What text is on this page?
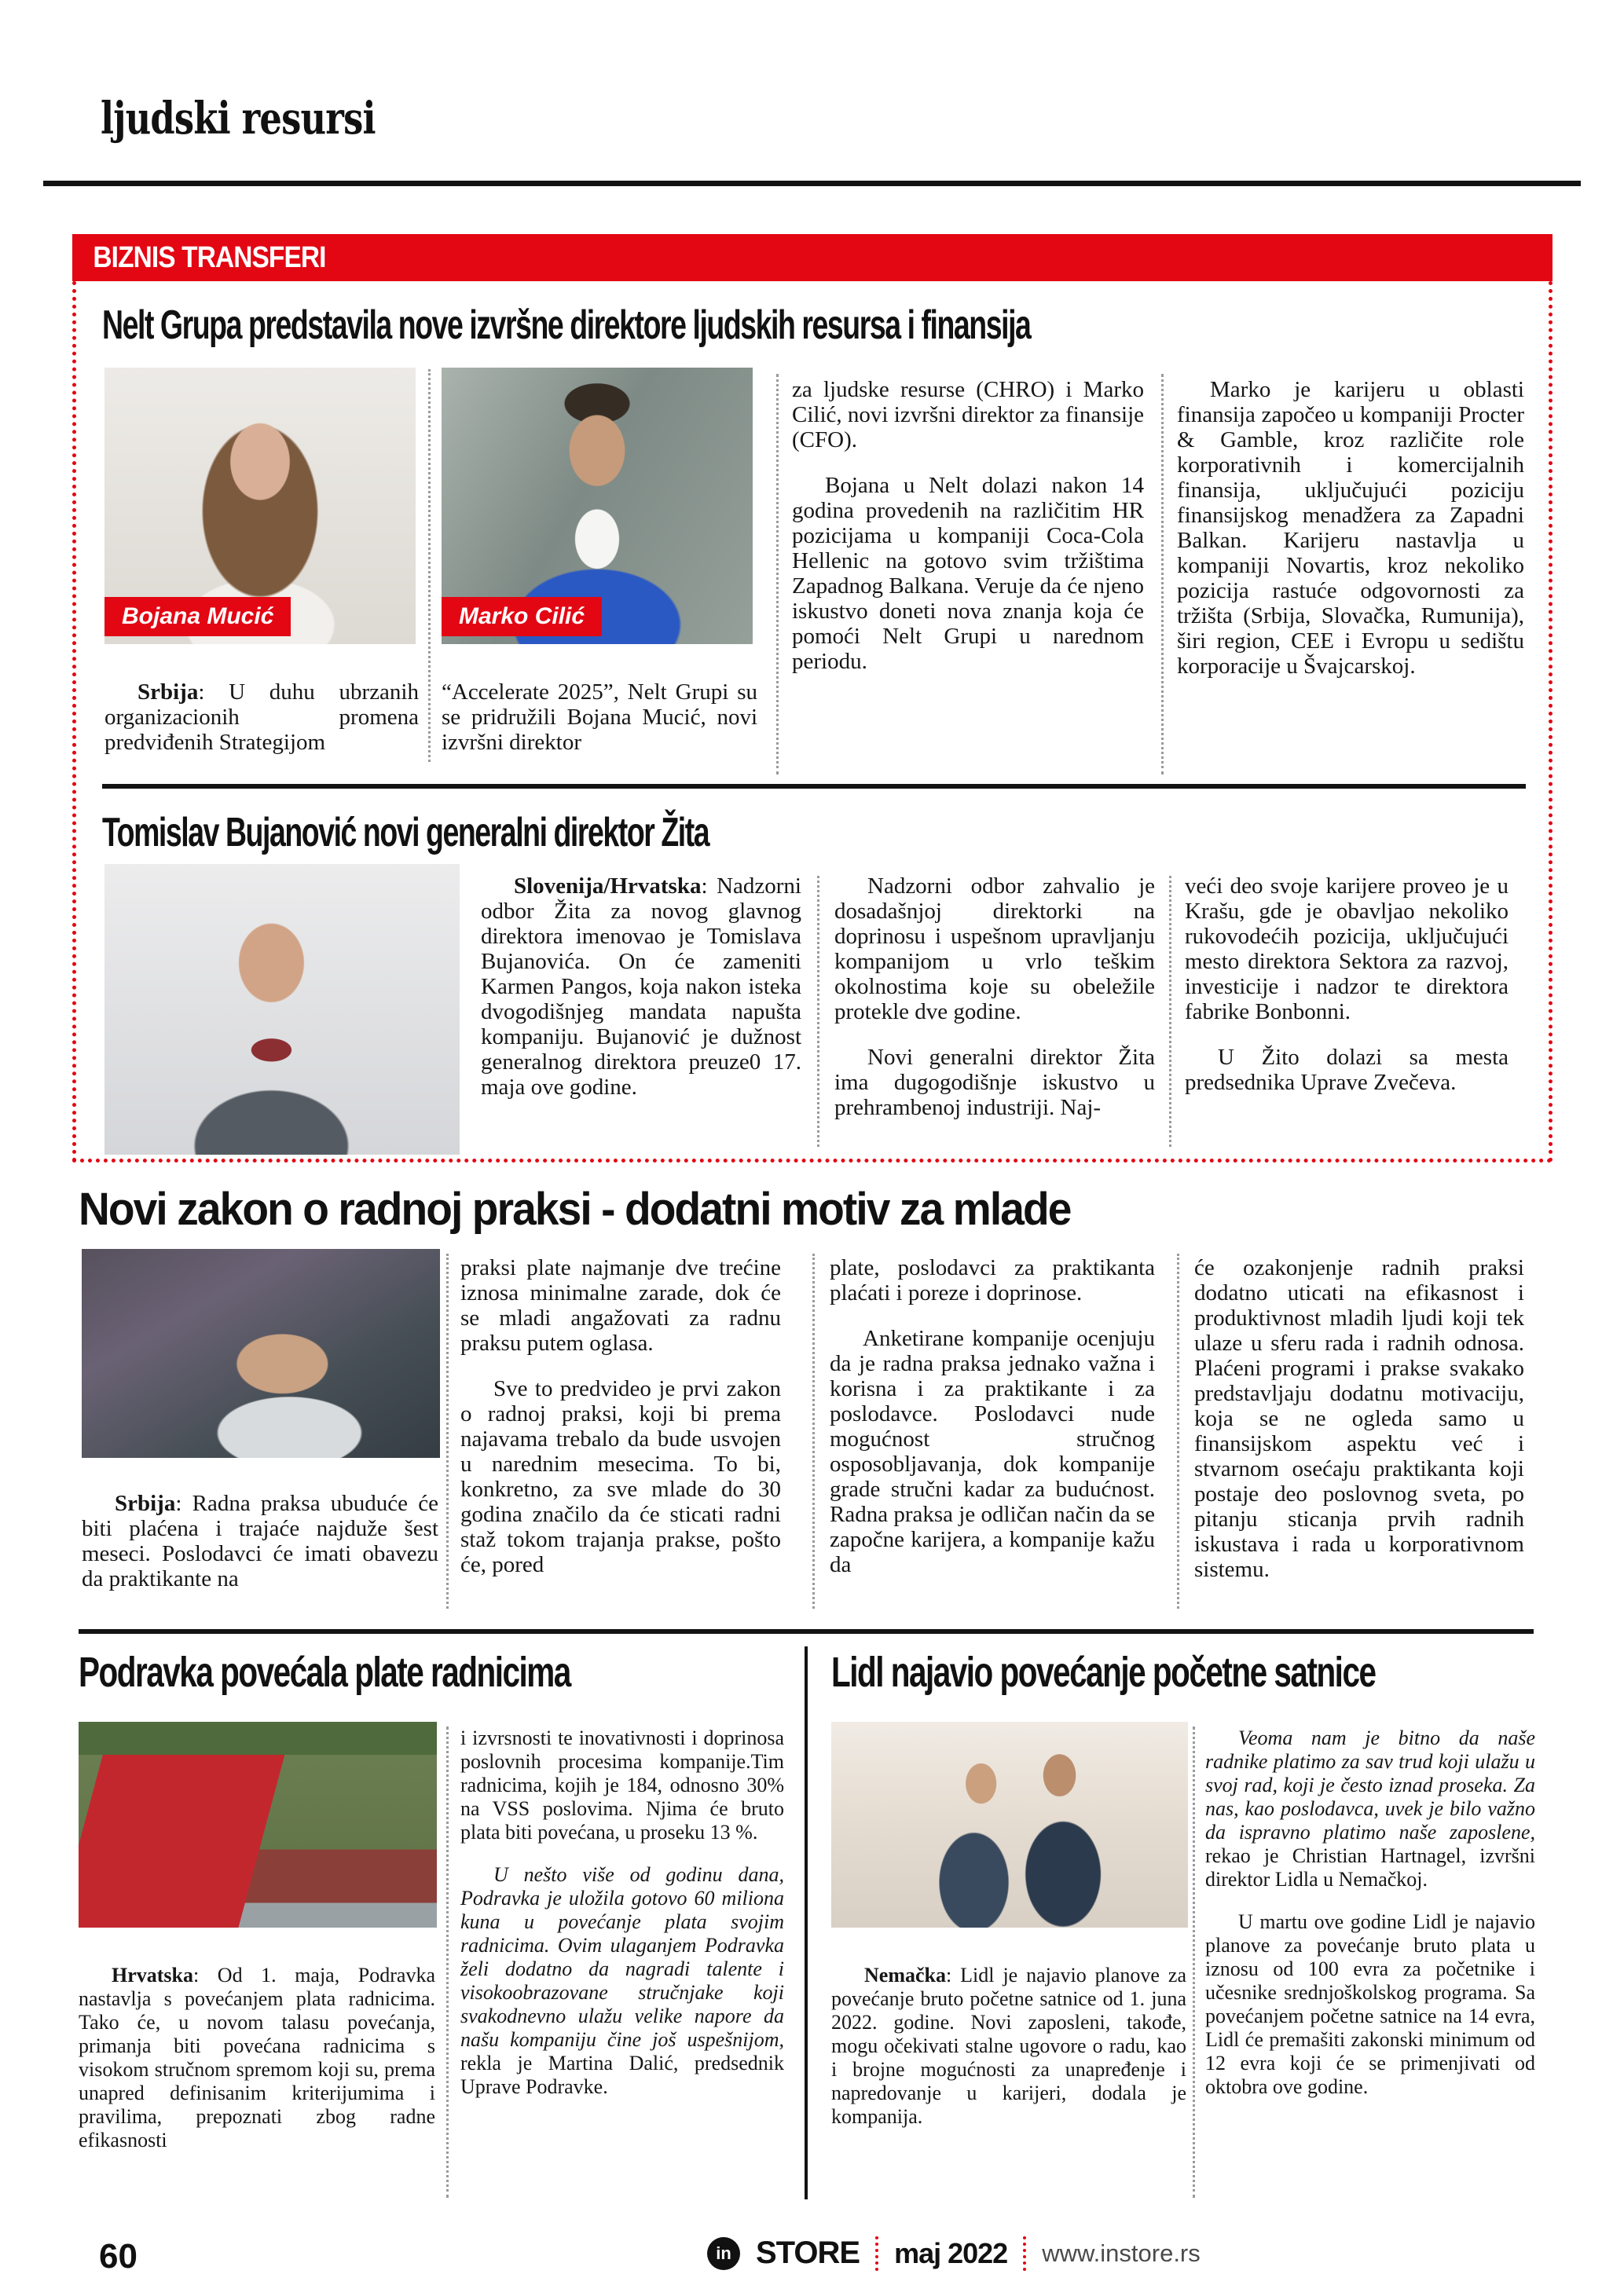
ljudski resursi
BIZNIS TRANSFERI
Nelt Grupa predstavila nove izvršne direktore ljudskih resursa i finansija
Bojana Mucić	Marko Cilić

Srbija: U duhu ubrzanih organizacionih promena predviđenih Strategijom

“Accelerate 2025”, Nelt Grupi su se pridružili Bojana Mucić, novi izvršni direktor

za ljudske resurse (CHRO) i Marko Cilić, novi izvršni direktor za finansije (CFO).

Bojana u Nelt dolazi nakon 14 godina provedenih na različitim HR pozicijama u kompaniji Coca-Cola Hellenic na gotovo svim tržištima Zapadnog Balkana. Veruje da će njeno iskustvo doneti nova znanja koja će pomoći Nelt Grupi u narednom periodu.

Marko je karijeru u oblasti finansija započeo u kompaniji Procter & Gamble, kroz različite role korporativnih i komercijalnih finansija, uključujući poziciju finansijskog menadžera za Zapadni Balkan. Karijeru nastavlja u kompaniji Novartis, kroz nekoliko pozicija rastuće odgovornosti za tržišta (Srbija, Slovačka, Rumunija), širi region, CEE i Evropu u sedištu korporacije u Švajcarskoj.

Tomislav Bujanović novi generalni direktor Žita

Slovenija/Hrvatska: Nadzorni odbor Žita za novog glavnog direktora imenovao je Tomislava Bujanovića. On će zameniti Karmen Pangos, koja nakon isteka dvogodišnjeg mandata napušta kompaniju. Bujanović je dužnost generalnog direktora preuze0 17. maja ove godine.

Nadzorni odbor zahvalio je dosadašnjoj direktorki na doprinosu i uspešnom upravljanju kompanijom u vrlo teškim okolnostima koje su obeležile protekle dve godine.

Novi generalni direktor Žita ima dugogodišnje iskustvo u prehrambenoj industriji. Naj-

veći deo svoje karijere proveo je u Krašu, gde je obavljao nekoliko rukovodećih pozicija, uključujući mesto direktora Sektora za razvoj, investicije i nadzor te direktora fabrike Bonbonni.

U Žito dolazi sa mesta predsednika Uprave Zvečeva.

Novi zakon o radnoj praksi - dodatni motiv za mlade

Srbija: Radna praksa ubuduće će biti plaćena i trajaće najduže šest meseci. Poslodavci će imati obavezu da praktikante na

praksi plate najmanje dve trećine iznosa minimalne zarade, dok će se mladi angažovati za radnu praksu putem oglasa.

Sve to predvideo je prvi zakon o radnoj praksi, koji bi prema najavama trebalo da bude usvojen u narednim mesecima. To bi, konkretno, za sve mlade do 30 godina značilo da će sticati radni staž tokom trajanja prakse, pošto će, pored

plate, poslodavci za praktikanta plaćati i poreze i doprinose.

Anketirane kompanije ocenjuju da je radna praksa jednako važna i korisna i za praktikante i za poslodavce. Poslodavci nude mogućnost stručnog osposobljavanja, dok kompanije grade stručni kadar za budućnost. Radna praksa je odličan način da se započne karijera, a kompanije kažu da

će ozakonjenje radnih praksi dodatno uticati na efikasnost i produktivnost mladih ljudi koji tek ulaze u sferu rada i radnih odnosa. Plaćeni programi i prakse svakako predstavljaju dodatnu motivaciju, koja se ne ogleda samo u finansijskom aspektu već i stvarnom osećaju praktikanta koji postaje deo poslovnog sveta, po pitanju sticanja prvih radnih iskustava i rada u korporativnom sistemu.

Podravka povećala plate radnicima

Hrvatska: Od 1. maja, Podravka nastavlja s povećanjem plata radnicima. Tako će, u novom talasu povećanja, primanja biti povećana radnicima s visokom stručnom spremom koji su, prema unapred definisanim kriterijumima i pravilima, prepoznati zbog radne efikasnosti

i izvrsnosti te inovativnosti i doprinosa poslovnih procesima kompanije.Tim radnicima, kojih je 184, odnosno 30% na VSS poslovima. Njima će bruto plata biti povećana, u proseku 13 %.

U nešto više od godinu dana, Podravka je uložila gotovo 60 miliona kuna u povećanje plata svojim radnicima. Ovim ulaganjem Podravka želi dodatno da nagradi talente i visokoobrazovane stručnjake koji svakodnevno ulažu velike napore da našu kompaniju čine još uspešnijom, rekla je Martina Dalić, predsednik Uprave Podravke.

Lidl najavio povećanje početne satnice

Nemačka: Lidl je najavio planove za povećanje bruto početne satnice od 1. juna 2022. godine. Novi zaposleni, takođe, mogu očekivati stalne ugovore o radu, kao i brojne mogućnosti za unapređenje i napredovanje u karijeri, dodala je kompanija.

Veoma nam je bitno da naše radnike platimo za sav trud koji ulažu u svoj rad, koji je često iznad proseka. Za nas, kao poslodavca, uvek je bilo važno da ispravno platimo naše zaposlene, rekao je Christian Hartnagel, izvršni direktor Lidla u Nemačkoj.

U martu ove godine Lidl je najavio planove za povećanje bruto plata u iznosu od 100 evra za početnike i učesnike srednjoškolskog programa. Sa povećanjem početne satnice na 14 evra, Lidl će premašiti zakonski minimum od 12 evra koji će se primenjivati od oktobra ove godine.

60	in STORE maj 2022 www.instore.rs
